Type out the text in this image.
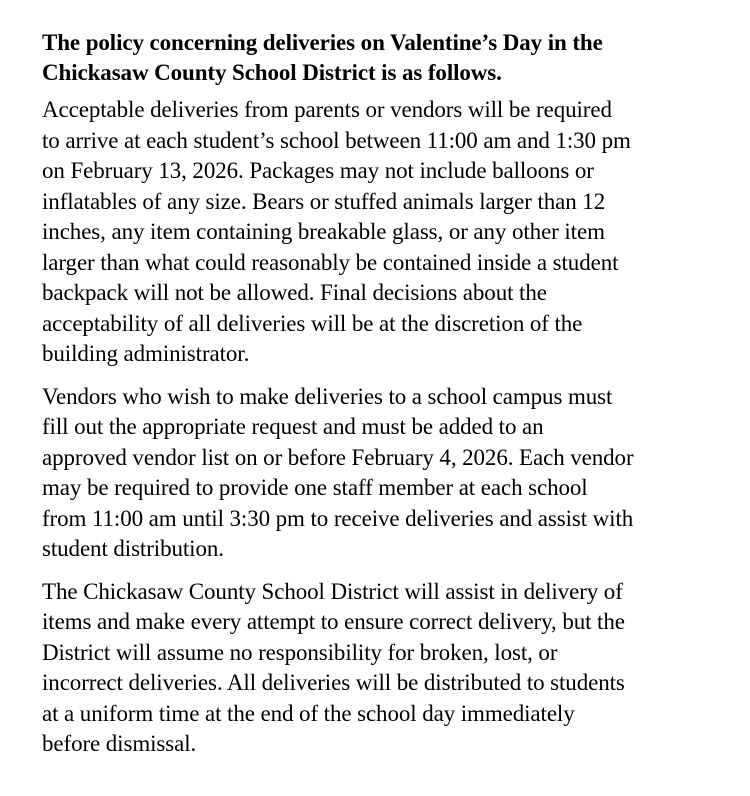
The policy concerning deliveries on Valentine’s Day in the
Chickasaw County School District is as follows.
Acceptable deliveries from parents or vendors will be required
to arrive at each student’s school between 11:00 am and 1:30 pm
on February 13, 2026. Packages may not include balloons or
inflatables of any size. Bears or stuffed animals larger than 12
inches, any item containing breakable glass, or any other item
larger than what could reasonably be contained inside a student
backpack will not be allowed. Final decisions about the
acceptability of all deliveries will be at the discretion of the
building administrator.
Vendors who wish to make deliveries to a school campus must
fill out the appropriate request and must be added to an
approved vendor list on or before February 4, 2026. Each vendor
may be required to provide one staff member at each school
from 11:00 am until 3:30 pm to receive deliveries and assist with
student distribution.
The Chickasaw County School District will assist in delivery of
items and make every attempt to ensure correct delivery, but the
District will assume no responsibility for broken, lost, or
incorrect deliveries. All deliveries will be distributed to students
at a uniform time at the end of the school day immediately
before dismissal.
